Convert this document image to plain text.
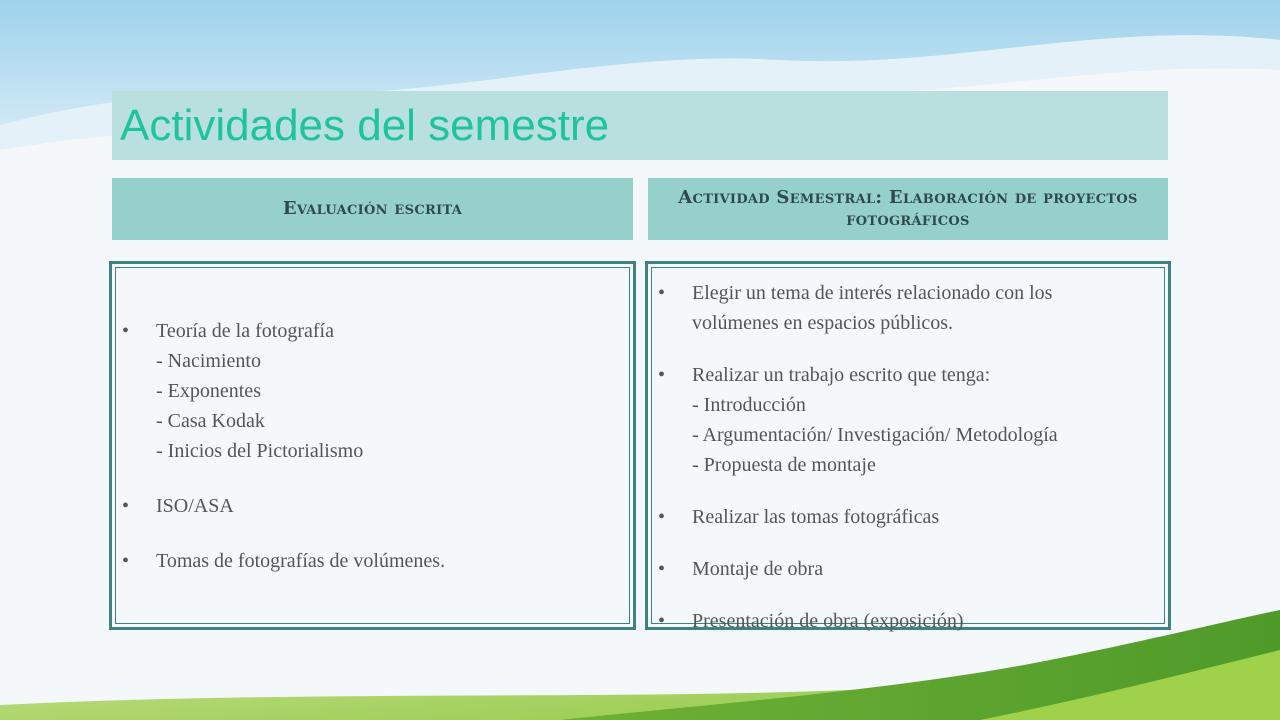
Actividades del semestre
Evaluación escrita
Actividad Semestral: Elaboración de proyectos fotográficos
• Teoría de la fotografía
- Nacimiento
- Exponentes
- Casa Kodak
- Inicios del Pictorialismo
• ISO/ASA
• Tomas de fotografías de volúmenes.
• Elegir un tema de interés relacionado con los
volúmenes en espacios públicos.
• Realizar un trabajo escrito que tenga:
- Introducción
- Argumentación/ Investigación/ Metodología
- Propuesta de montaje
• Realizar las tomas fotográficas
• Montaje de obra
• Presentación de obra (exposición)
